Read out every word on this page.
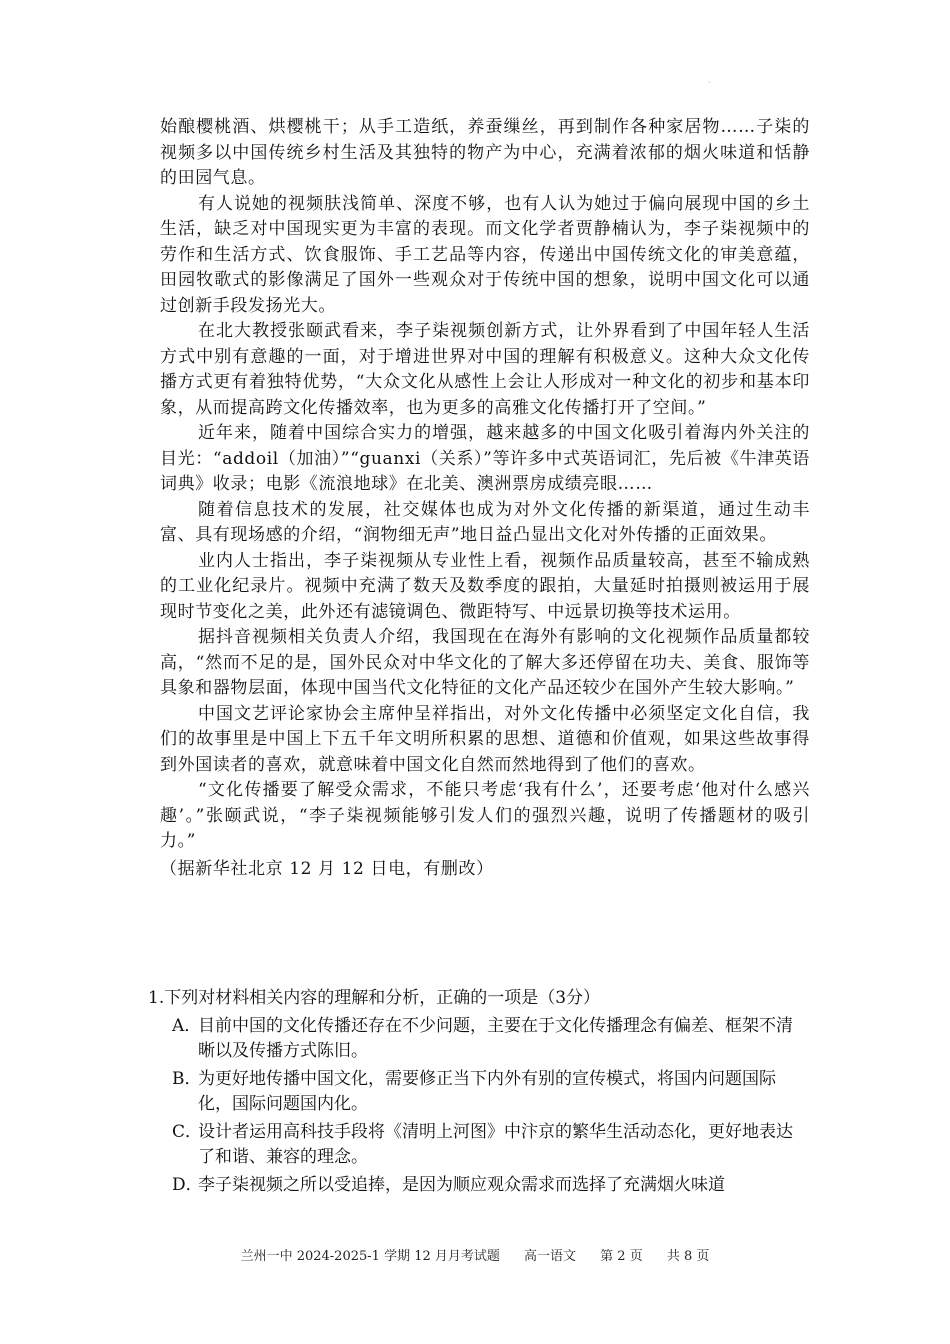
·

始酿樱桃酒、烘樱桃干；从手工造纸，养蚕缫丝，再到制作各种家居物……子柒的视频多以中国传统乡村生活及其独特的物产为中心，充满着浓郁的烟火味道和恬静的田园气息。

有人说她的视频肤浅简单、深度不够，也有人认为她过于偏向展现中国的乡土生活，缺乏对中国现实更为丰富的表现。而文化学者贾静楠认为，李子柒视频中的劳作和生活方式、饮食服饰、手工艺品等内容，传递出中国传统文化的审美意蕴，田园牧歌式的影像满足了国外一些观众对于传统中国的想象，说明中国文化可以通过创新手段发扬光大。

在北大教授张颐武看来，李子柒视频创新方式，让外界看到了中国年轻人生活方式中别有意趣的一面，对于增进世界对中国的理解有积极意义。这种大众文化传播方式更有着独特优势，“大众文化从感性上会让人形成对一种文化的初步和基本印象，从而提高跨文化传播效率，也为更多的高雅文化传播打开了空间。”

近年来，随着中国综合实力的增强，越来越多的中国文化吸引着海内外关注的目光：“addoil（加油）”“guanxi（关系）”等许多中式英语词汇，先后被《牛津英语词典》收录；电影《流浪地球》在北美、澳洲票房成绩亮眼……

随着信息技术的发展，社交媒体也成为对外文化传播的新渠道，通过生动丰富、具有现场感的介绍，“润物细无声”地日益凸显出文化对外传播的正面效果。

业内人士指出，李子柒视频从专业性上看，视频作品质量较高，甚至不输成熟的工业化纪录片。视频中充满了数天及数季度的跟拍，大量延时拍摄则被运用于展现时节变化之美，此外还有滤镜调色、微距特写、中远景切换等技术运用。

据抖音视频相关负责人介绍，我国现在在海外有影响的文化视频作品质量都较高，“然而不足的是，国外民众对中华文化的了解大多还停留在功夫、美食、服饰等具象和器物层面，体现中国当代文化特征的文化产品还较少在国外产生较大影响。”

中国文艺评论家协会主席仲呈祥指出，对外文化传播中必须坚定文化自信，我们的故事里是中国上下五千年文明所积累的思想、道德和价值观，如果这些故事得到外国读者的喜欢，就意味着中国文化自然而然地得到了他们的喜欢。

“文化传播要了解受众需求，不能只考虑‘我有什么’，还要考虑‘他对什么感兴趣’。”张颐武说，“李子柒视频能够引发人们的强烈兴趣，说明了传播题材的吸引力。”

（据新华社北京 12 月 12 日电，有删改）

1.下列对材料相关内容的理解和分析，正确的一项是（3分）

A．
目前中国的文化传播还存在不少问题，主要在于文化传播理念有偏差、框架不清晰以及传播方式陈旧。
B．
为更好地传播中国文化，需要修正当下内外有别的宣传模式，将国内问题国际化，国际问题国内化。
C．
设计者运用高科技手段将《清明上河图》中汴京的繁华生活动态化，更好地表达了和谐、兼容的理念。
D．
李子柒视频之所以受追捧，是因为顺应观众需求而选择了充满烟火味道
兰州一中 2024-2025-1 学期 12 月月考试题 高一语文 第 2 页 共 8 页
